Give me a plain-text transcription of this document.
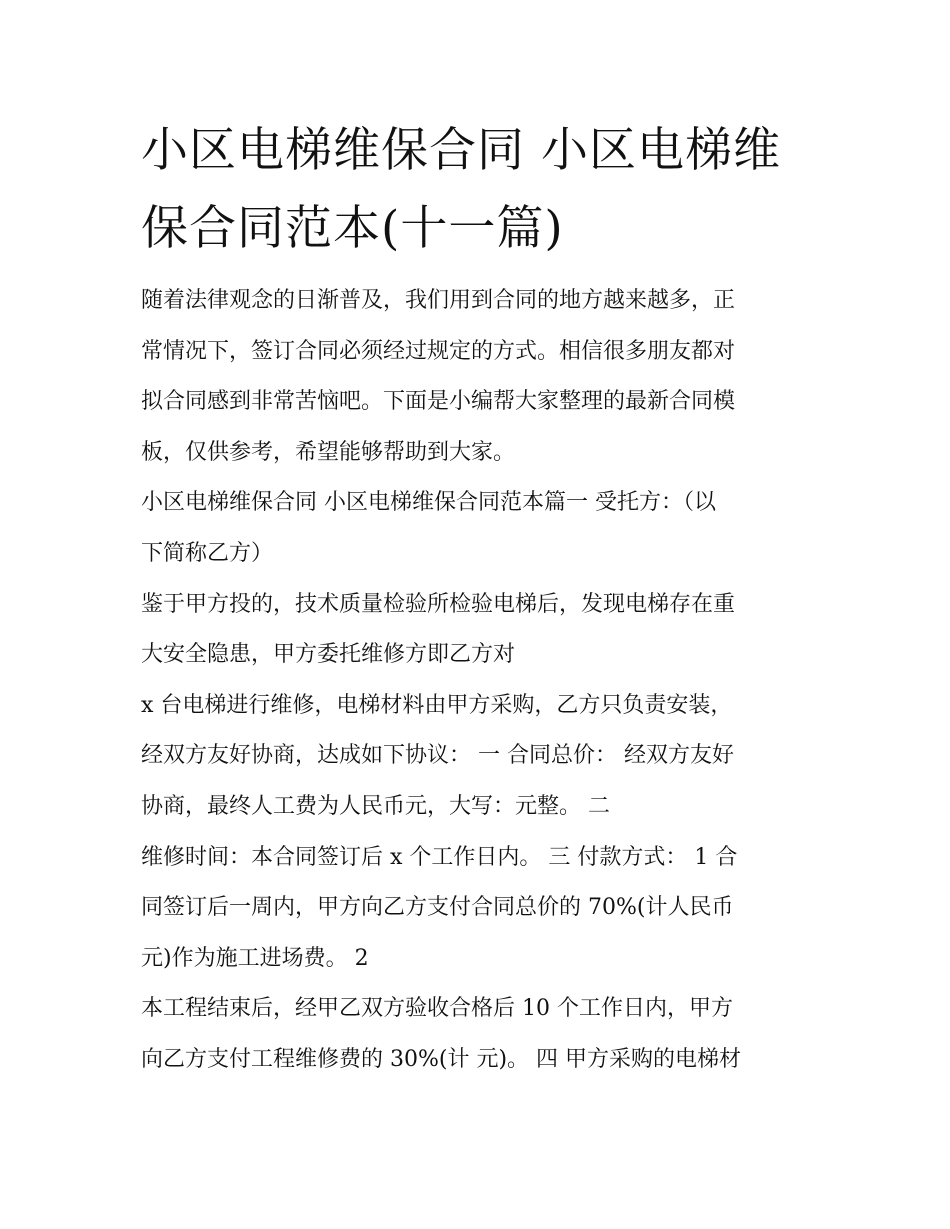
小区电梯维保合同 小区电梯维
保合同范本(十一篇)
随着法律观念的日渐普及，我们用到合同的地方越来越多，正
常情况下，签订合同必须经过规定的方式。相信很多朋友都对
拟合同感到非常苦恼吧。下面是小编帮大家整理的最新合同模
板，仅供参考，希望能够帮助到大家。
小区电梯维保合同 小区电梯维保合同范本篇一 受托方：（以
下简称乙方）
鉴于甲方投的，技术质量检验所检验电梯后，发现电梯存在重
大安全隐患，甲方委托维修方即乙方对
x 台电梯进行维修，电梯材料由甲方采购，乙方只负责安装，
经双方友好协商，达成如下协议： 一 合同总价： 经双方友好
协商，最终人工费为人民币元，大写：元整。 二
维修时间：本合同签订后 x 个工作日内。 三 付款方式： 1 合
同签订后一周内，甲方向乙方支付合同总价的 70%(计人民币
元)作为施工进场费。 2
本工程结束后，经甲乙双方验收合格后 10 个工作日内，甲方
向乙方支付工程维修费的 30%(计 元)。 四 甲方采购的电梯材
